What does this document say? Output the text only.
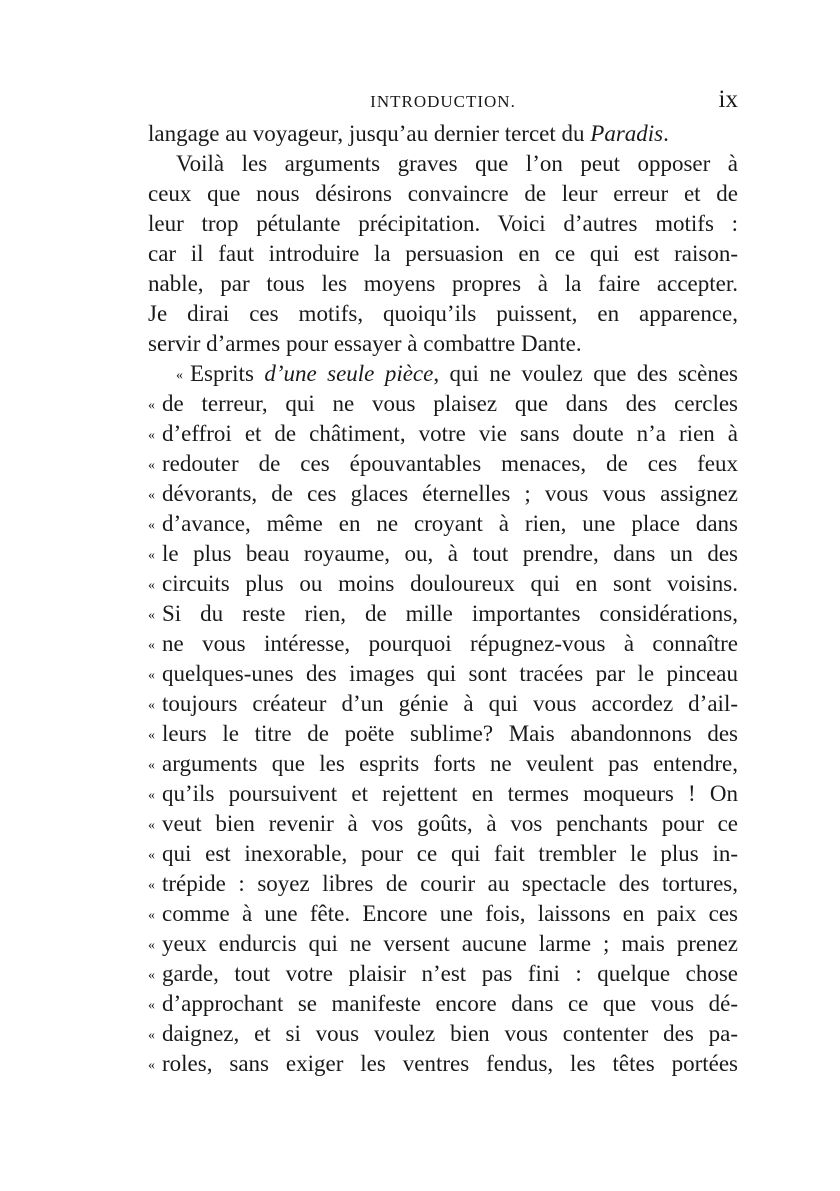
INTRODUCTION.	ix
langage au voyageur, jusqu’au dernier tercet du Paradis.
Voilà les arguments graves que l’on peut opposer à
ceux que nous désirons convaincre de leur erreur et de
leur trop pétulante précipitation. Voici d’autres motifs :
car il faut introduire la persuasion en ce qui est raison-
nable, par tous les moyens propres à la faire accepter.
Je dirai ces motifs, quoiqu’ils puissent, en apparence,
servir d’armes pour essayer à combattre Dante.
« Esprits d’une seule pièce, qui ne voulez que des scènes
« de terreur, qui ne vous plaisez que dans des cercles
« d’effroi et de châtiment, votre vie sans doute n’a rien à
« redouter de ces épouvantables menaces, de ces feux
« dévorants, de ces glaces éternelles ; vous vous assignez
« d’avance, même en ne croyant à rien, une place dans
« le plus beau royaume, ou, à tout prendre, dans un des
« circuits plus ou moins douloureux qui en sont voisins.
« Si du reste rien, de mille importantes considérations,
« ne vous intéresse, pourquoi répugnez-vous à connaître
« quelques-unes des images qui sont tracées par le pinceau
« toujours créateur d’un génie à qui vous accordez d’ail-
« leurs le titre de poëte sublime? Mais abandonnons des
« arguments que les esprits forts ne veulent pas entendre,
« qu’ils poursuivent et rejettent en termes moqueurs ! On
« veut bien revenir à vos goûts, à vos penchants pour ce
« qui est inexorable, pour ce qui fait trembler le plus in-
« trépide : soyez libres de courir au spectacle des tortures,
« comme à une fête. Encore une fois, laissons en paix ces
« yeux endurcis qui ne versent aucune larme ; mais prenez
« garde, tout votre plaisir n’est pas fini : quelque chose
« d’approchant se manifeste encore dans ce que vous dé-
« daignez, et si vous voulez bien vous contenter des pa-
« roles, sans exiger les ventres fendus, les têtes portées
